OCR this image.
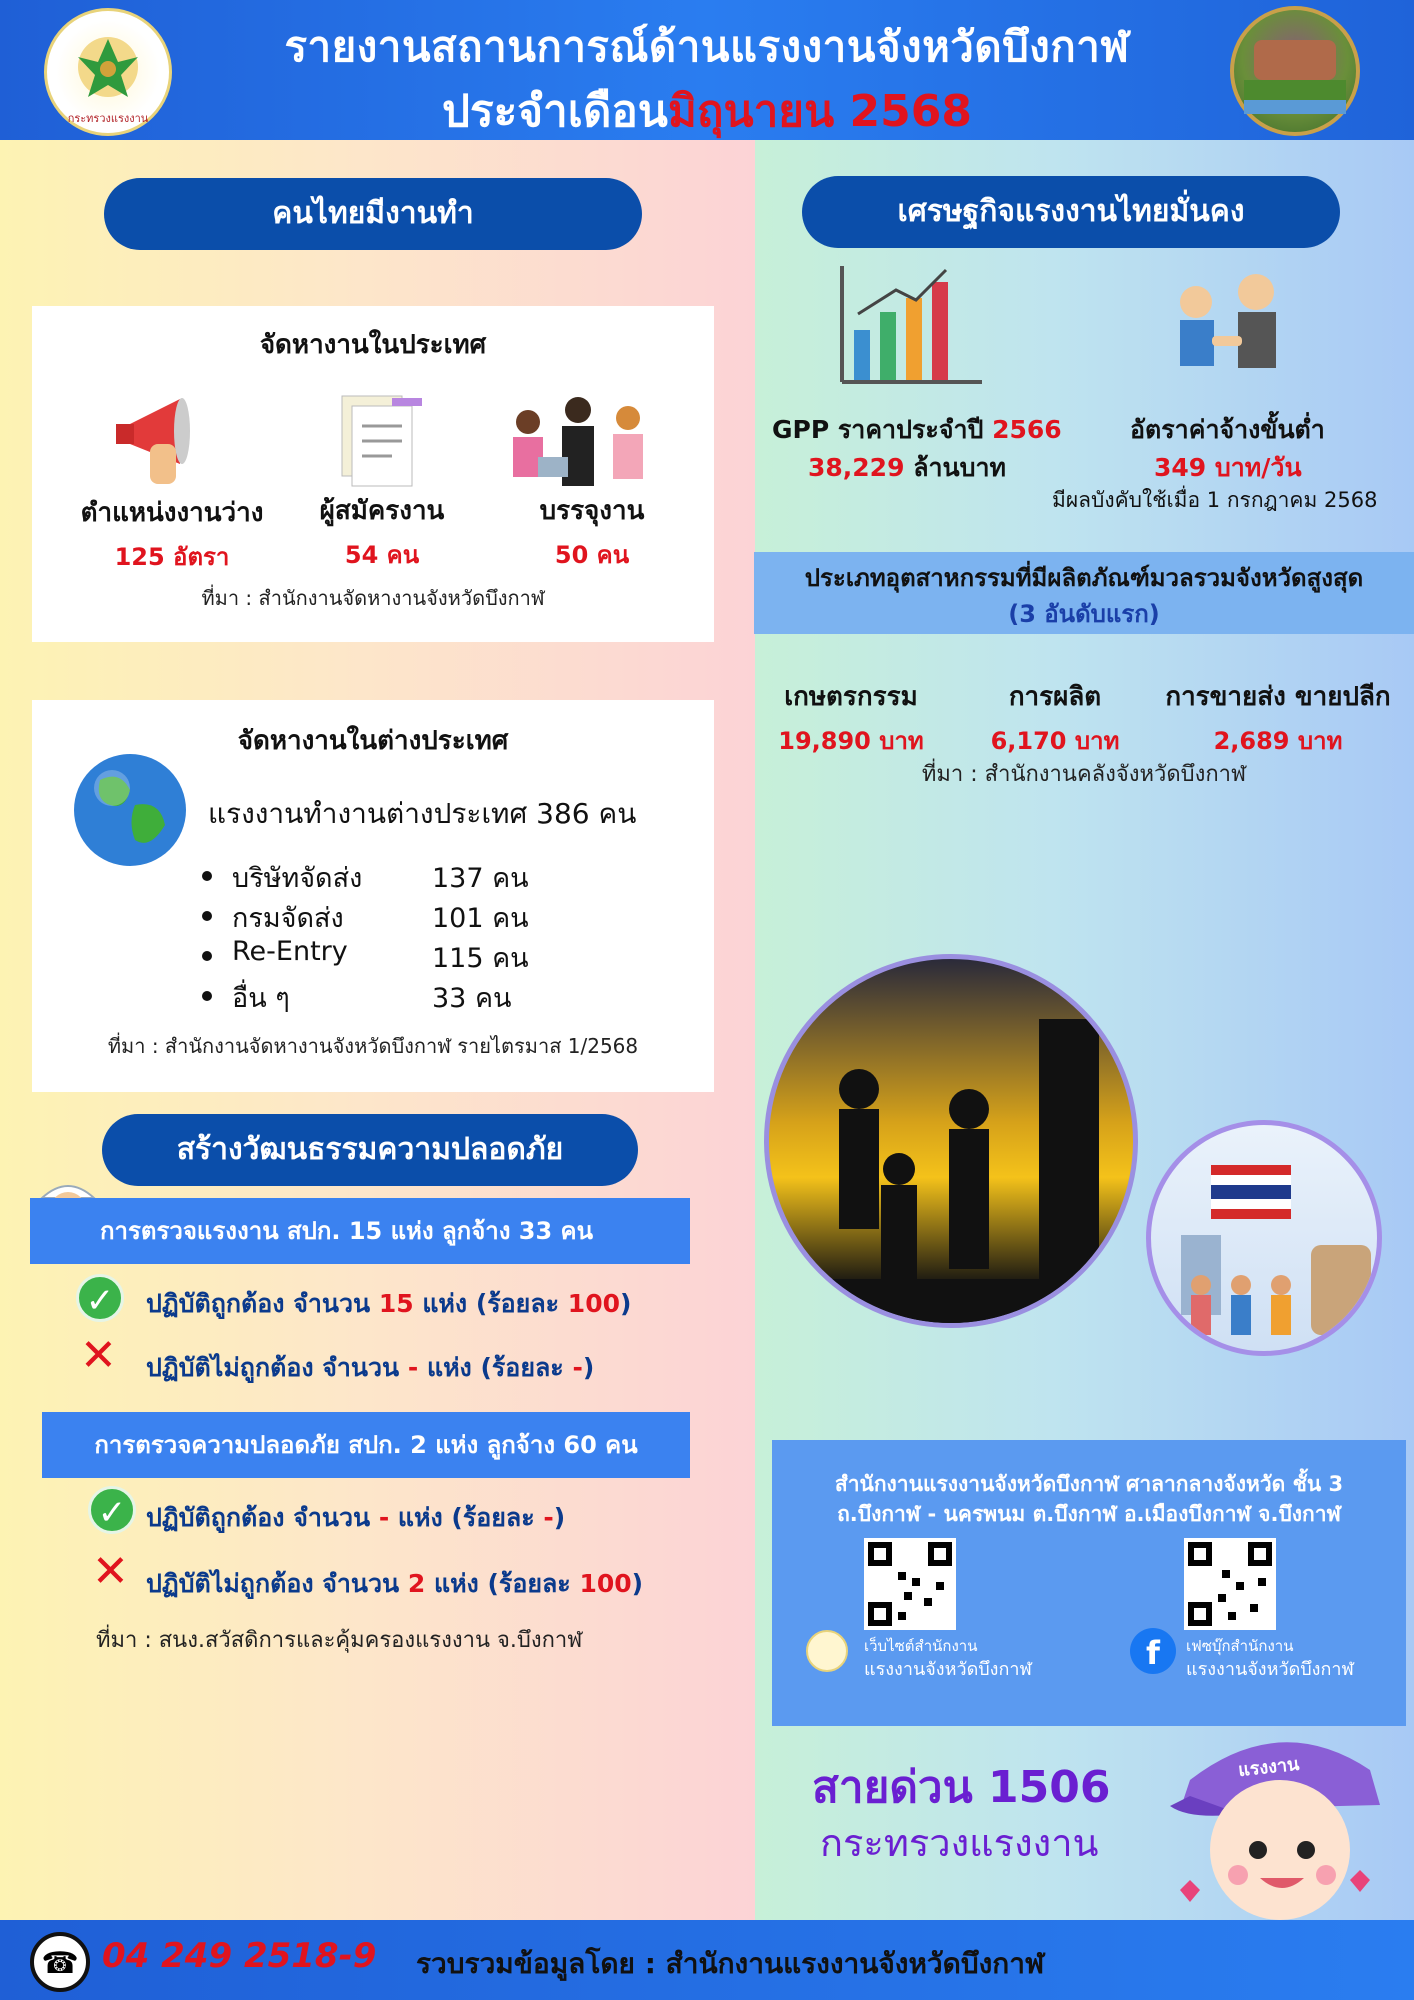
กระทรวงแรงงาน
รายงานสถานการณ์ด้านแรงงานจังหวัดบึงกาฬ
ประจำเดือนมิถุนายน 2568
คนไทยมีงานทำ
จัดหางานในประเทศ
ตำแหน่งงานว่าง
125 อัตรา
ผู้สมัครงาน
54 คน
บรรจุงาน
50 คน
ที่มา : สำนักงานจัดหางานจังหวัดบึงกาฬ
จัดหางานในต่างประเทศ
แรงงานทำงานต่างประเทศ 386 คน
บริษัทจัดส่ง	137 คน
กรมจัดส่ง	101 คน
Re-Entry	115 คน
อื่น ๆ	33 คน
ที่มา : สำนักงานจัดหางานจังหวัดบึงกาฬ รายไตรมาส 1/2568
สร้างวัฒนธรรมความปลอดภัย
การตรวจแรงงาน สปก. 15 แห่ง ลูกจ้าง 33 คน
✓	ปฏิบัติถูกต้อง จำนวน 15 แห่ง (ร้อยละ 100)
✕ ปฏิบัติไม่ถูกต้อง จำนวน - แห่ง (ร้อยละ -)
การตรวจความปลอดภัย สปก. 2 แห่ง ลูกจ้าง 60 คน
✓ ปฏิบัติถูกต้อง จำนวน - แห่ง (ร้อยละ -)
✕ ปฏิบัติไม่ถูกต้อง จำนวน 2 แห่ง (ร้อยละ 100)
ที่มา : สนง.สวัสดิการและคุ้มครองแรงงาน จ.บึงกาฬ
เศรษฐกิจแรงงานไทยมั่นคง
GPP ราคาประจำปี 2566
38,229 ล้านบาท
อัตราค่าจ้างขั้นต่ำ
349 บาท/วัน
มีผลบังคับใช้เมื่อ 1 กรกฎาคม 2568
ประเภทอุตสาหกรรมที่มีผลิตภัณฑ์มวลรวมจังหวัดสูงสุด
(3 อันดับแรก)
เกษตรกรรม
19,890 บาท
การผลิต
6,170 บาท
การขายส่ง ขายปลีก
2,689 บาท
ที่มา : สำนักงานคลังจังหวัดบึงกาฬ
สำนักงานแรงงานจังหวัดบึงกาฬ ศาลากลางจังหวัด ชั้น 3
ถ.บึงกาฬ - นครพนม ต.บึงกาฬ อ.เมืองบึงกาฬ จ.บึงกาฬ
เว็บไซต์สำนักงาน
แรงงานจังหวัดบึงกาฬ	f	เฟซบุ๊กสำนักงาน
แรงงานจังหวัดบึงกาฬ
สายด่วน 1506
กระทรวงแรงงาน
แรงงาน
☎ 04 249 2518-9 รวบรวมข้อมูลโดย : สำนักงานแรงงานจังหวัดบึงกาฬ
